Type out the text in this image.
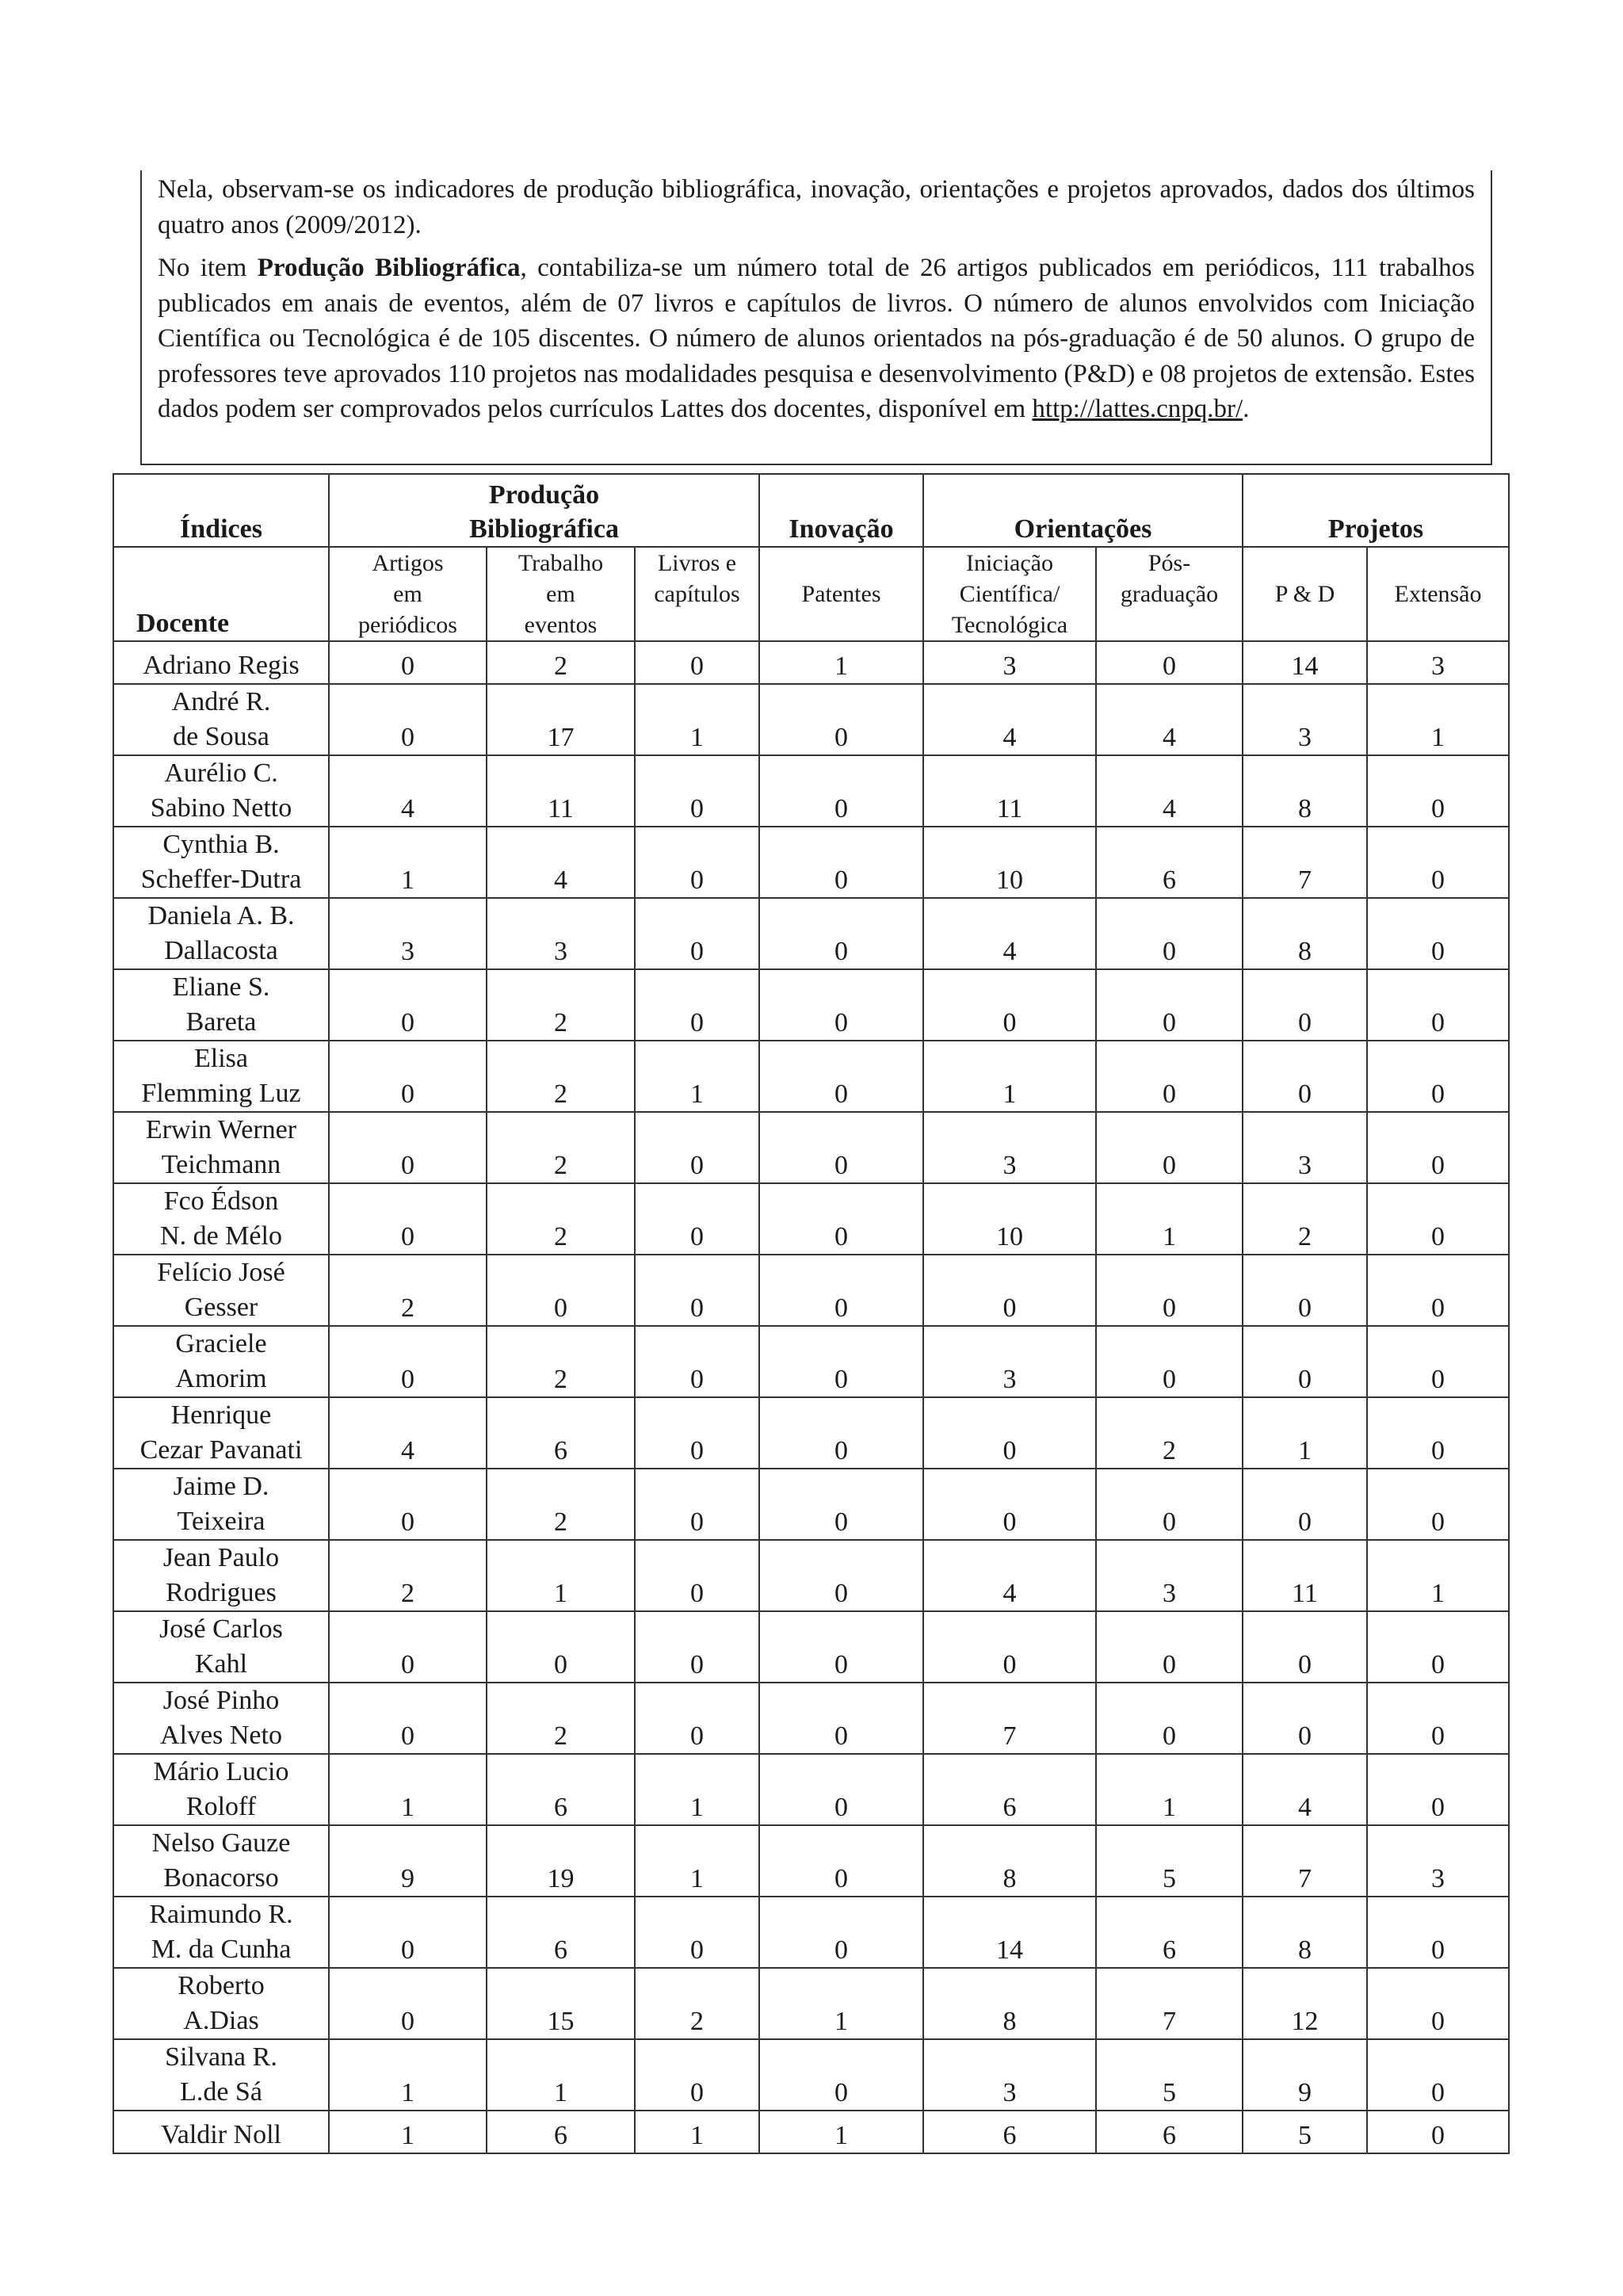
Nela, observam-se os indicadores de produção bibliográfica, inovação, orientações e projetos aprovados, dados dos últimos quatro anos (2009/2012).

No item Produção Bibliográfica, contabiliza-se um número total de 26 artigos publicados em periódicos, 111 trabalhos publicados em anais de eventos, além de 07 livros e capítulos de livros. O número de alunos envolvidos com Iniciação Científica ou Tecnológica é de 105 discentes. O número de alunos orientados na pós-graduação é de 50 alunos. O grupo de professores teve aprovados 110 projetos nas modalidades pesquisa e desenvolvimento (P&D) e 08 projetos de extensão. Estes dados podem ser comprovados pelos currículos Lattes dos docentes, disponível em http://lattes.cnpq.br/.

Índices	Produção
Bibliográfica			Inovação	Orientações		Projetos	
Docente	Artigos
em
periódicos	Trabalho
em
eventos	Livros e
capítulos	Patentes	Iniciação
Científica/
Tecnológica	Pós-
graduação	P & D	Extensão
Adriano Regis	0	2	0	1	3	0	14	3
André R.
de Sousa	0	17	1	0	4	4	3	1
Aurélio C.
Sabino Netto	4	11	0	0	11	4	8	0
Cynthia B.
Scheffer-Dutra	1	4	0	0	10	6	7	0
Daniela A. B.
Dallacosta	3	3	0	0	4	0	8	0
Eliane S.
Bareta	0	2	0	0	0	0	0	0
Elisa
Flemming Luz	0	2	1	0	1	0	0	0
Erwin Werner
Teichmann	0	2	0	0	3	0	3	0
Fco Édson
N. de Mélo	0	2	0	0	10	1	2	0
Felício José
Gesser	2	0	0	0	0	0	0	0
Graciele
Amorim	0	2	0	0	3	0	0	0
Henrique
Cezar Pavanati	4	6	0	0	0	2	1	0
Jaime D.
Teixeira	0	2	0	0	0	0	0	0
Jean Paulo
Rodrigues	2	1	0	0	4	3	11	1
José Carlos
Kahl	0	0	0	0	0	0	0	0
José Pinho
Alves Neto	0	2	0	0	7	0	0	0
Mário Lucio
Roloff	1	6	1	0	6	1	4	0
Nelso Gauze
Bonacorso	9	19	1	0	8	5	7	3
Raimundo R.
M. da Cunha	0	6	0	0	14	6	8	0
Roberto
A.Dias	0	15	2	1	8	7	12	0
Silvana R.
L.de Sá	1	1	0	0	3	5	9	0
Valdir Noll	1	6	1	1	6	6	5	0
